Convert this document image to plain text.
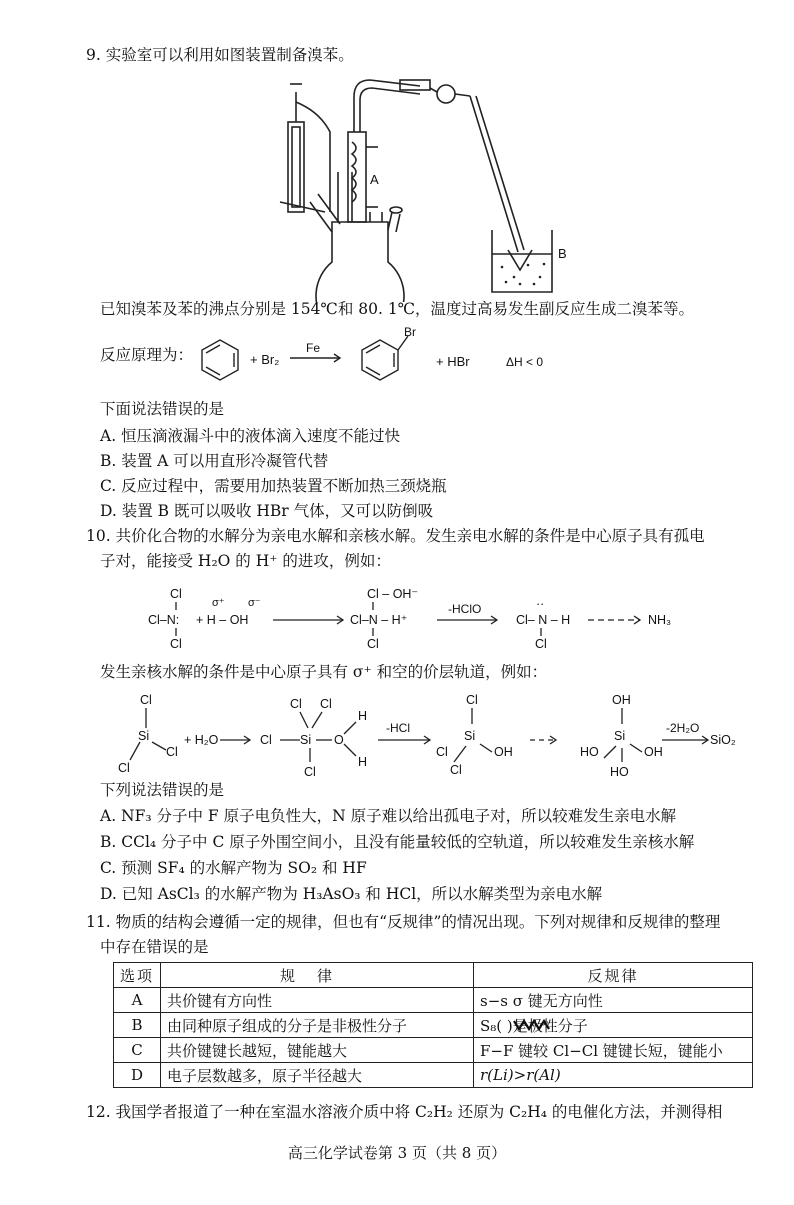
9. 实验室可以利用如图装置制备溴苯。
A
B
已知溴苯及苯的沸点分别是 154℃和 80. 1℃，温度过高易发生副反应生成二溴苯等。
反应原理为：	+ Br₂
Fe
Br
+ HBr	ΔH < 0
下面说法错误的是
A. 恒压滴液漏斗中的液体滴入速度不能过快
B. 装置 A 可以用直形冷凝管代替
C. 反应过程中，需要用加热装置不断加热三颈烧瓶
D. 装置 B 既可以吸收 HBr 气体，又可以防倒吸
10. 共价化合物的水解分为亲电水解和亲核水解。发生亲电水解的条件是中心原子具有孤电
子对，能接受 H₂O 的 H⁺ 的进攻，例如：
Cl
Cl–N:
Cl
σ⁺ σ⁻
+ H – OH
Cl – OH⁻
Cl–N – H⁺
Cl
-HClO	··
Cl– N – H
Cl
NH₃
发生亲核水解的条件是中心原子具有 σ⁺ 和空的价层轨道，例如：
Cl
Si
Cl
Cl
+ H₂O	Cl Si
Cl Cl
Cl
O
H
H
-HCl
Cl
Si
OH
Cl
Cl
OH
Si
OH
HO
HO
-2H₂O
SiO₂
下列说法错误的是
A. NF₃ 分子中 F 原子电负性大，N 原子难以给出孤电子对，所以较难发生亲电水解
B. CCl₄ 分子中 C 原子外围空间小，且没有能量较低的空轨道，所以较难发生亲核水解
C. 预测 SF₄ 的水解产物为 SO₂ 和 HF
D. 已知 AsCl₃ 的水解产物为 H₃AsO₃ 和 HCl，所以水解类型为亲电水解
11. 物质的结构会遵循一定的规律，但也有“反规律”的情况出现。下列对规律和反规律的整理
中存在错误的是
选项	规律	反规律
A	共价键有方向性	s−s σ 键无方向性
B	由同种原子组成的分子是非极性分子	S₈( )是极性分子

C	共价键键长越短，键能越大	F−F 键较 Cl−Cl 键键长短，键能小
D	电子层数越多，原子半径越大	r(Li)>r(Al)
12. 我国学者报道了一种在室温水溶液介质中将 C₂H₂ 还原为 C₂H₄ 的电催化方法，并测得相
高三化学试卷第 3 页（共 8 页）
